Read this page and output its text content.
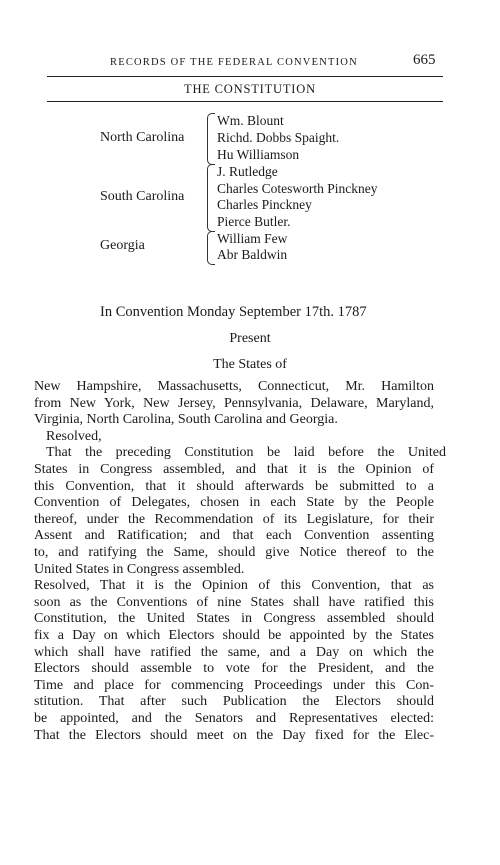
RECORDS OF THE FEDERAL CONVENTION	665
THE CONSTITUTION
North Carolina
Wm. Blount
Richd. Dobbs Spaight.
Hu Williamson
South Carolina
J. Rutledge
Charles Cotesworth Pinckney
Charles Pinckney
Pierce Butler.
Georgia	William Few
Abr Baldwin
In Convention Monday September 17th. 1787
Present
The States of
New Hampshire, Massachusetts, Connecticut, Mr. Hamilton
from New York, New Jersey, Pennsylvania, Delaware, Maryland,
Virginia, North Carolina, South Carolina and Georgia.
Resolved,
That the preceding Constitution be laid before the United
States in Congress assembled, and that it is the Opinion of
this Convention, that it should afterwards be submitted to a
Convention of Delegates, chosen in each State by the People
thereof, under the Recommendation of its Legislature, for their
Assent and Ratification; and that each Convention assenting
to, and ratifying the Same, should give Notice thereof to the
United States in Congress assembled.
Resolved, That it is the Opinion of this Convention, that as
soon as the Conventions of nine States shall have ratified this
Constitution, the United States in Congress assembled should
fix a Day on which Electors should be appointed by the States
which shall have ratified the same, and a Day on which the
Electors should assemble to vote for the President, and the
Time and place for commencing Proceedings under this Con-
stitution. That after such Publication the Electors should
be appointed, and the Senators and Representatives elected:
That the Electors should meet on the Day fixed for the Elec-
